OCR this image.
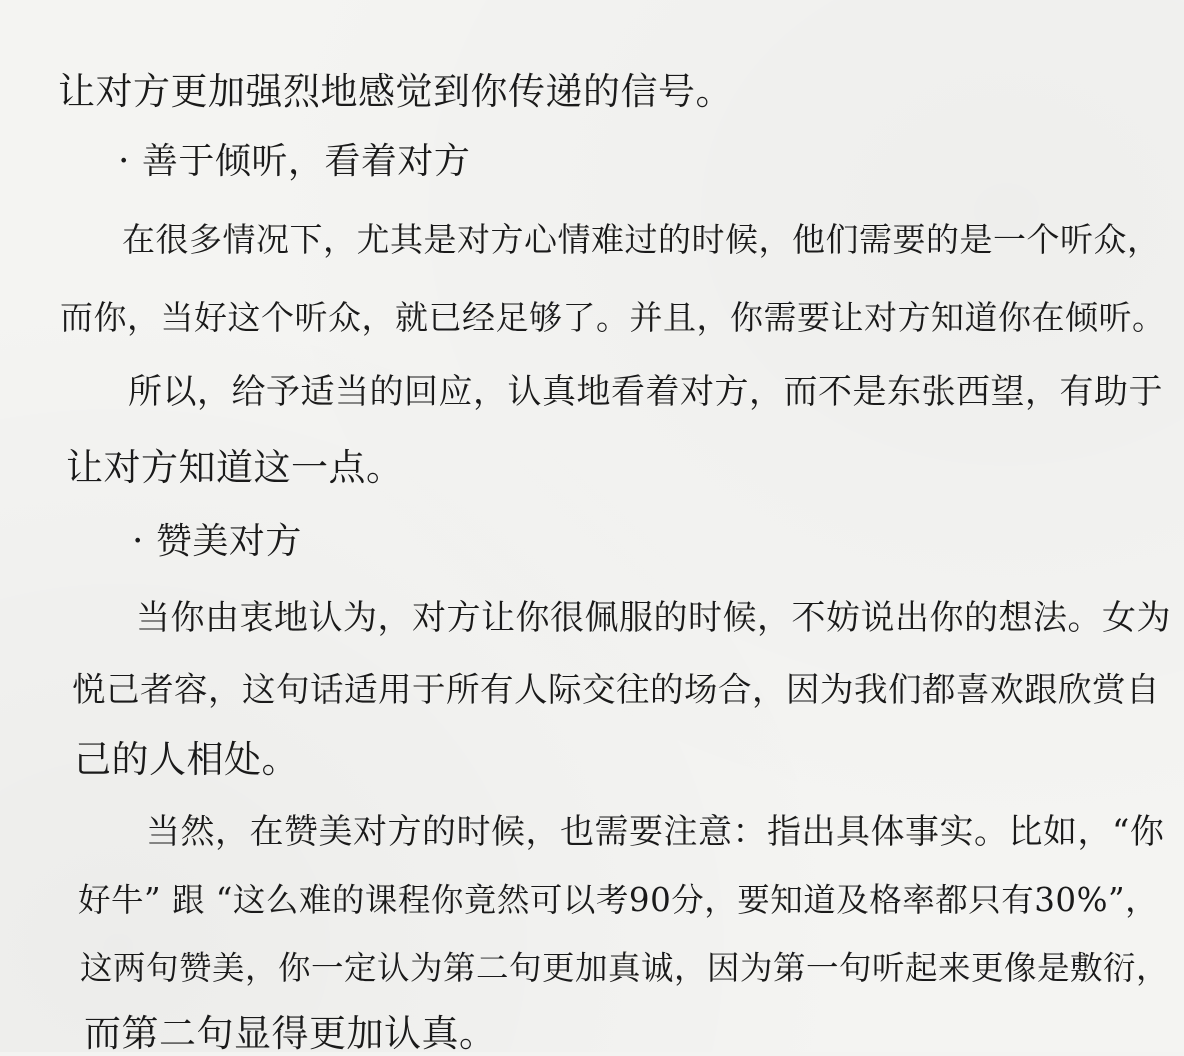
让对方更加强烈地感觉到你传递的信号。
· 善于倾听，看着对方
在很多情况下，尤其是对方心情难过的时候，他们需要的是一个听众，
而你，当好这个听众，就已经足够了。并且，你需要让对方知道你在倾听。
所以，给予适当的回应，认真地看着对方，而不是东张西望，有助于
让对方知道这一点。
· 赞美对方
当你由衷地认为，对方让你很佩服的时候，不妨说出你的想法。女为
悦己者容，这句话适用于所有人际交往的场合，因为我们都喜欢跟欣赏自
己的人相处。
当然，在赞美对方的时候，也需要注意：指出具体事实。比如，“你
好牛” 跟 “这么难的课程你竟然可以考90分，要知道及格率都只有30%”，
这两句赞美，你一定认为第二句更加真诚，因为第一句听起来更像是敷衍，
而第二句显得更加认真。
